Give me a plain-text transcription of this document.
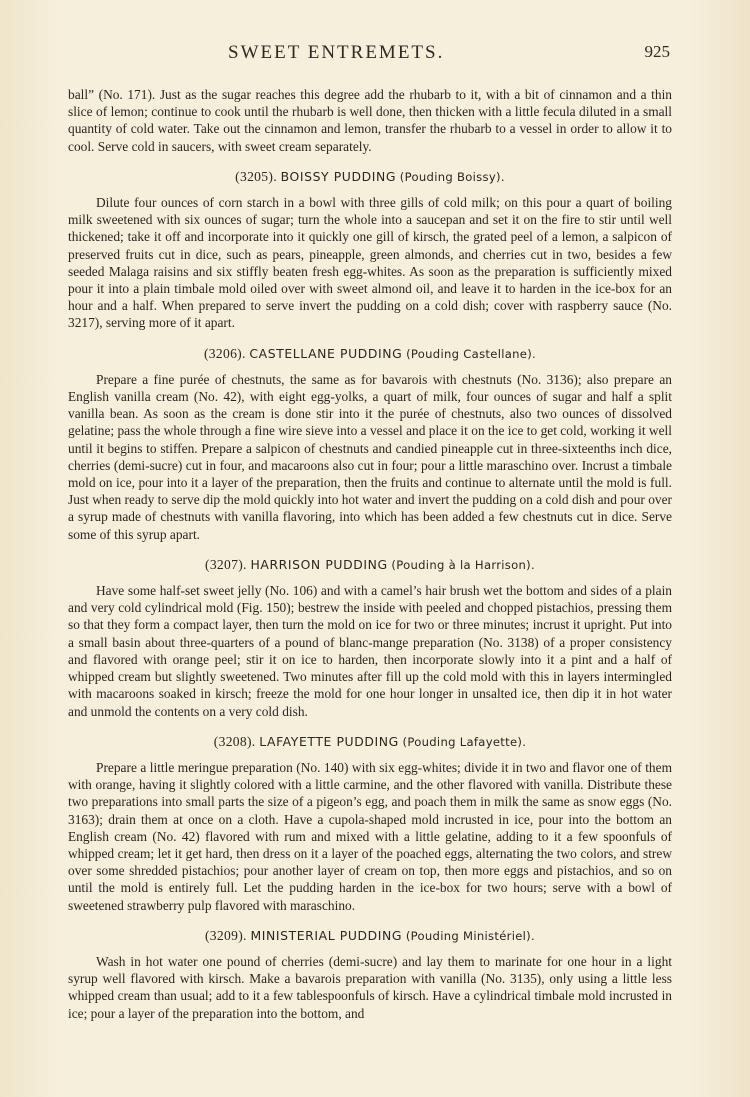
SWEET ENTREMETS.	925

ball” (No. 171). Just as the sugar reaches this degree add the rhubarb to it, with a bit of cinnamon and a thin slice of lemon; continue to cook until the rhubarb is well done, then thicken with a little fecula diluted in a small quantity of cold water. Take out the cinnamon and lemon, transfer the rhubarb to a vessel in order to allow it to cool. Serve cold in saucers, with sweet cream separately.

(3205). BOISSY PUDDING (Pouding Boissy).

Dilute four ounces of corn starch in a bowl with three gills of cold milk; on this pour a quart of boiling milk sweetened with six ounces of sugar; turn the whole into a saucepan and set it on the fire to stir until well thickened; take it off and incorporate into it quickly one gill of kirsch, the grated peel of a lemon, a salpicon of preserved fruits cut in dice, such as pears, pineapple, green almonds, and cherries cut in two, besides a few seeded Malaga raisins and six stiffly beaten fresh egg-whites. As soon as the preparation is sufficiently mixed pour it into a plain timbale mold oiled over with sweet almond oil, and leave it to harden in the ice-box for an hour and a half. When prepared to serve invert the pudding on a cold dish; cover with raspberry sauce (No. 3217), serving more of it apart.

(3206). CASTELLANE PUDDING (Pouding Castellane).

Prepare a fine purée of chestnuts, the same as for bavarois with chestnuts (No. 3136); also prepare an English vanilla cream (No. 42), with eight egg-yolks, a quart of milk, four ounces of sugar and half a split vanilla bean. As soon as the cream is done stir into it the purée of chestnuts, also two ounces of dissolved gelatine; pass the whole through a fine wire sieve into a vessel and place it on the ice to get cold, working it well until it begins to stiffen. Prepare a salpicon of chestnuts and candied pineapple cut in three-sixteenths inch dice, cherries (demi-sucre) cut in four, and macaroons also cut in four; pour a little maraschino over. Incrust a timbale mold on ice, pour into it a layer of the preparation, then the fruits and continue to alternate until the mold is full. Just when ready to serve dip the mold quickly into hot water and invert the pudding on a cold dish and pour over a syrup made of chestnuts with vanilla flavoring, into which has been added a few chestnuts cut in dice. Serve some of this syrup apart.

(3207). HARRISON PUDDING (Pouding à la Harrison).

Have some half-set sweet jelly (No. 106) and with a camel’s hair brush wet the bottom and sides of a plain and very cold cylindrical mold (Fig. 150); bestrew the inside with peeled and chopped pistachios, pressing them so that they form a compact layer, then turn the mold on ice for two or three minutes; incrust it upright. Put into a small basin about three-quarters of a pound of blanc-mange preparation (No. 3138) of a proper consistency and flavored with orange peel; stir it on ice to harden, then incorporate slowly into it a pint and a half of whipped cream but slightly sweetened. Two minutes after fill up the cold mold with this in layers intermingled with macaroons soaked in kirsch; freeze the mold for one hour longer in unsalted ice, then dip it in hot water and unmold the contents on a very cold dish.

(3208). LAFAYETTE PUDDING (Pouding Lafayette).

Prepare a little meringue preparation (No. 140) with six egg-whites; divide it in two and flavor one of them with orange, having it slightly colored with a little carmine, and the other flavored with vanilla. Distribute these two preparations into small parts the size of a pigeon’s egg, and poach them in milk the same as snow eggs (No. 3163); drain them at once on a cloth. Have a cupola-shaped mold incrusted in ice, pour into the bottom an English cream (No. 42) flavored with rum and mixed with a little gelatine, adding to it a few spoonfuls of whipped cream; let it get hard, then dress on it a layer of the poached eggs, alternating the two colors, and strew over some shredded pistachios; pour another layer of cream on top, then more eggs and pistachios, and so on until the mold is entirely full. Let the pudding harden in the ice-box for two hours; serve with a bowl of sweetened strawberry pulp flavored with maraschino.

(3209). MINISTERIAL PUDDING (Pouding Ministériel).

Wash in hot water one pound of cherries (demi-sucre) and lay them to marinate for one hour in a light syrup well flavored with kirsch. Make a bavarois preparation with vanilla (No. 3135), only using a little less whipped cream than usual; add to it a few tablespoonfuls of kirsch. Have a cylindrical timbale mold incrusted in ice; pour a layer of the preparation into the bottom, and
